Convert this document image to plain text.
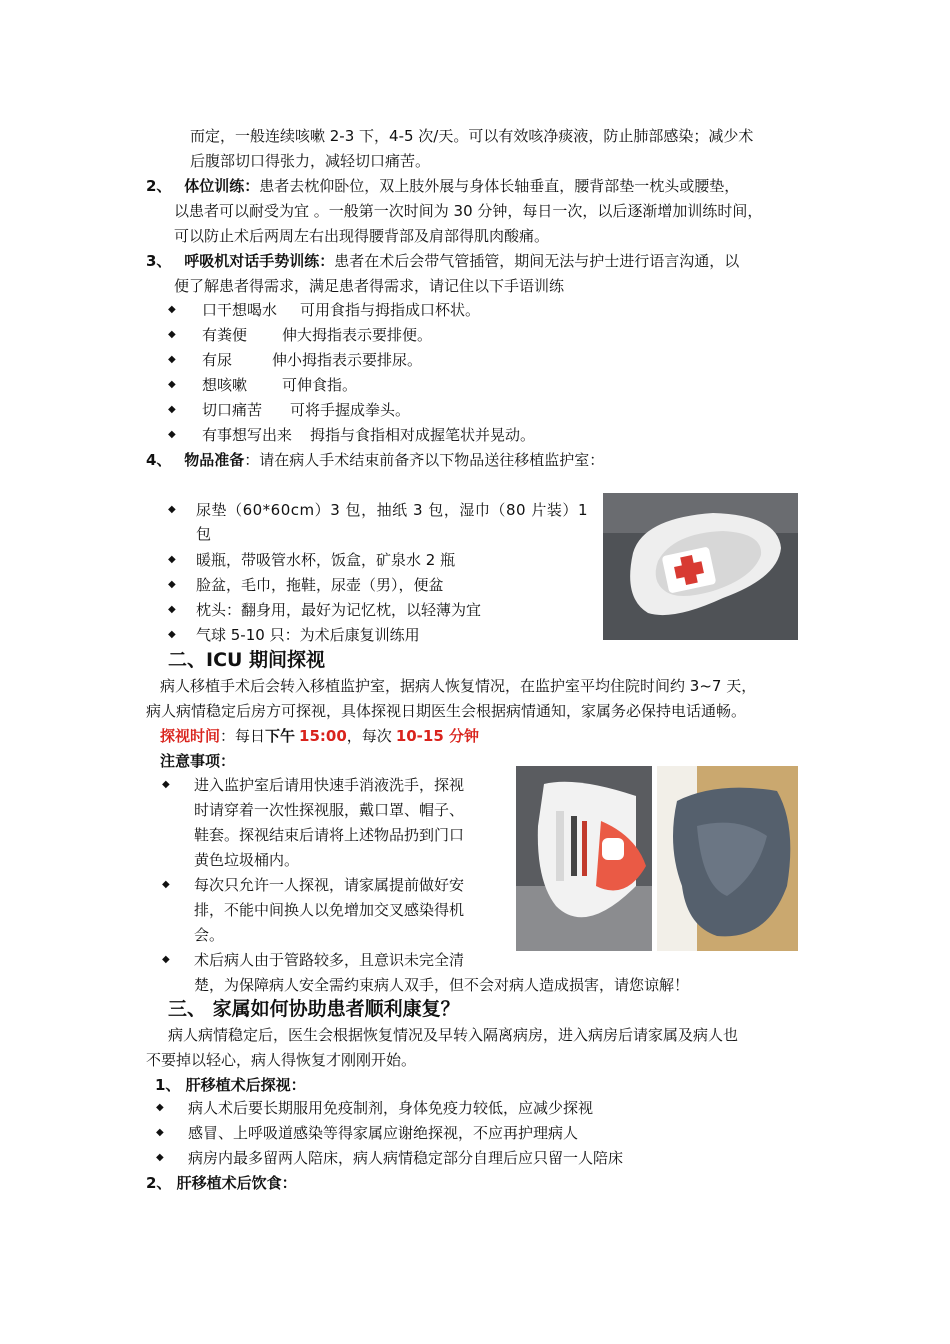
而定，一般连续咳嗽 2-3 下，4-5 次/天。可以有效咳净痰液，防止肺部感染；减少术
后腹部切口得张力，减轻切口痛苦。
2、 体位训练：患者去枕仰卧位，双上肢外展与身体长轴垂直，腰背部垫一枕头或腰垫，
以患者可以耐受为宜 。一般第一次时间为 30 分钟，每日一次，以后逐渐增加训练时间，
可以防止术后两周左右出现得腰背部及肩部得肌肉酸痛。
3、 呼吸机对话手势训练：患者在术后会带气管插管，期间无法与护士进行语言沟通，以
便了解患者得需求，满足患者得需求，请记住以下手语训练
◆ 口干想喝水 可用食指与拇指成口杯状。
◆ 有粪便 伸大拇指表示要排便。
◆ 有尿	伸小拇指表示要排尿。
◆ 想咳嗽 可伸食指。
◆ 切口痛苦 可将手握成拳头。
◆ 有事想写出来 拇指与食指相对成握笔状并晃动。
4、 物品准备：请在病人手术结束前备齐以下物品送往移植监护室：
◆ 尿垫（60*60cm）3 包，抽纸 3 包，湿巾（80 片装）1 包
◆ 暖瓶，带吸管水杯，饭盒，矿泉水 2 瓶
◆ 脸盆，毛巾，拖鞋，尿壶（男），便盆
◆ 枕头：翻身用，最好为记忆枕，以轻薄为宜
◆ 气球 5-10 只：为术后康复训练用
二、ICU 期间探视
病人移植手术后会转入移植监护室，据病人恢复情况，在监护室平均住院时间约 3~7 天，
病人病情稳定后房方可探视，具体探视日期医生会根据病情通知，家属务必保持电话通畅。
探视时间：每日下午 15:00，每次 10-15 分钟
注意事项：
◆ 进入监护室后请用快速手消液洗手，探视
时请穿着一次性探视服，戴口罩、帽子、
鞋套。探视结束后请将上述物品扔到门口
黄色垃圾桶内。
◆ 每次只允许一人探视，请家属提前做好安
排，不能中间换人以免增加交叉感染得机
会。
◆ 术后病人由于管路较多，且意识未完全清
楚，为保障病人安全需约束病人双手，但不会对病人造成损害，请您谅解！
三、 家属如何协助患者顺利康复？
病人病情稳定后，医生会根据恢复情况及早转入隔离病房，进入病房后请家属及病人也
不要掉以轻心，病人得恢复才刚刚开始。
1、 肝移植术后探视：
◆ 病人术后要长期服用免疫制剂，身体免疫力较低，应减少探视
◆ 感冒、上呼吸道感染等得家属应谢绝探视，不应再护理病人
◆ 病房内最多留两人陪床，病人病情稳定部分自理后应只留一人陪床
2、 肝移植术后饮食：
